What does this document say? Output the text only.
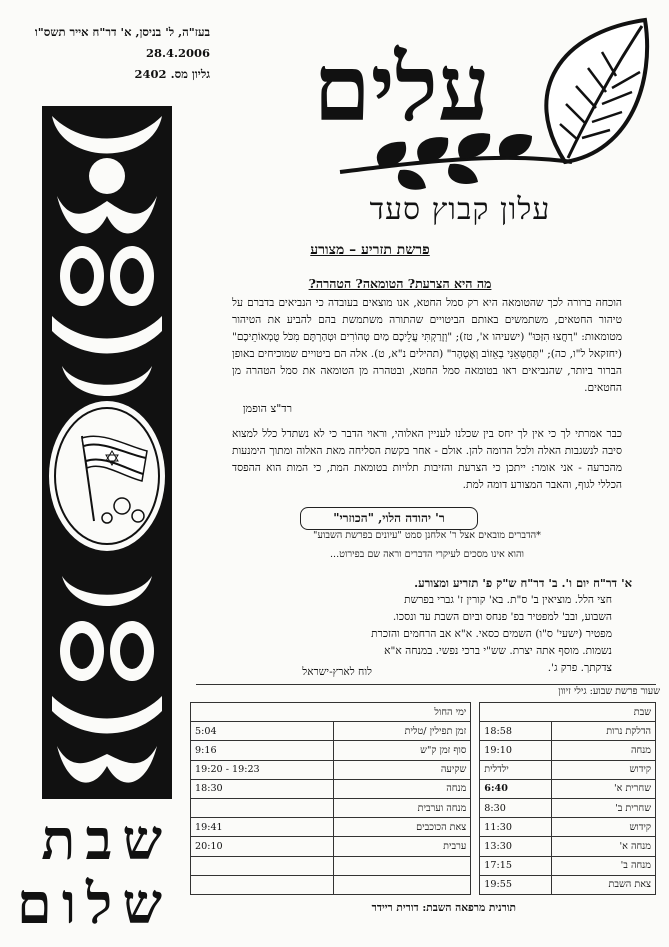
בעז"ה, ל' בניסן, א' דר"ח אייר תשס"ו
28.4.2006
גליון מס. 2402 עלים
עלון קבוץ סעד
שבת
שלום
פרשת תזריע – מצורע
מה היא הצרעת? הטומאה? הטהרה?
הוכחה ברורה לכך שהטומאה היא רק סמל החטא, אנו מוצאים בעובדה כי הנביאים בדברם על טיהור החטאים, משתמשים באותם הביטויים שהתורה משתמשת בהם להביע את הטיהור מטומאות: "רַחֲצוּ הִזַּכּוּ" (ישעיהו א', טז); "וְזָרַקְתִּי עֲלֵיכֶם מַיִם טְהוֹרִים וּטְהַרְתֶּם מִכֹּל טֻמְאוֹתֵיכֶם" (יחזקאל ל"ו, כה); "תְּחַטְּאֵנִי בְאֵזוֹב וְאֶטְהָר" (תהילים נ"א, ט). אלה הם ביטויים שמוכיחים באופן הברור ביותר, שהנביאים ראו בטומאה סמל החטא, ובטהרה מן הטומאה את סמל הטהרה מן החטאים.
רד"צ הופמן
כבר אמרתי לך כי אין לך יחס בין שכלנו לעניין האלוהי, וראוי הדבר כי לא נשתדל כלל למצוא סיבה לנשגבות האלה ולכל הדומה להן. אולם - אחר בקשת הסליחה מאת האלוה ומתוך הימנעות מהכרעה - אני אומר: ייתכן כי הצרעת והזיבות תלויות בטומאת המת, כי המות הוא ההפסד הכללי לגוף, והאבר המצורע דומה למת.
ר' יהודה הלוי, "הכוזרי"
*הדברים מובאים אצל ר' אלחנן סמט "עיונים בפרשת השבוע"
והוא אינו מסכים לעיקרי הדברים וראה שם בפירוט...
א' דר"ח יום ו'. ב' דר"ח ש"ק פ' תזריע ומצורע.
חצי הלל. מוציאין ב' ס"ת. בא' קורין ז' גברי בפרשת
השבוע, ובב' למפטיר בפ' פנחס וביום השבת עד ונסכו.
מפטיר (ישעי' ס"ו) השמים כסאי. א"א אב הרחמים והזכרת
נשמות. מוסף אתה יצרת. שש"י ברכי נפשי. במנחה א"א
צדקתך. פרק ג'.
לוח לארץ-ישראל
שעור פרשת שבוע: גילי זיוון
שבת			ימי החול	
הדלקת נרות	18:58		זמן תפילין /טלית	5:04
מנחה	19:10		סוף זמן ק"ש	9:16
קידוש	ילדלית		שקיעה	19:23 - 19:20
שחרית א'	6:40		מנחה	18:30
שחרית ב'	8:30		מנחה וערבית	
קידוש	11:30		צאת הכוכבים	19:41
מנחה א'	13:30		ערבית	20:10
מנחה ב'	17:15			
צאת השבת	19:55			
תורנית מרפאה השבת: דורית ריידר
